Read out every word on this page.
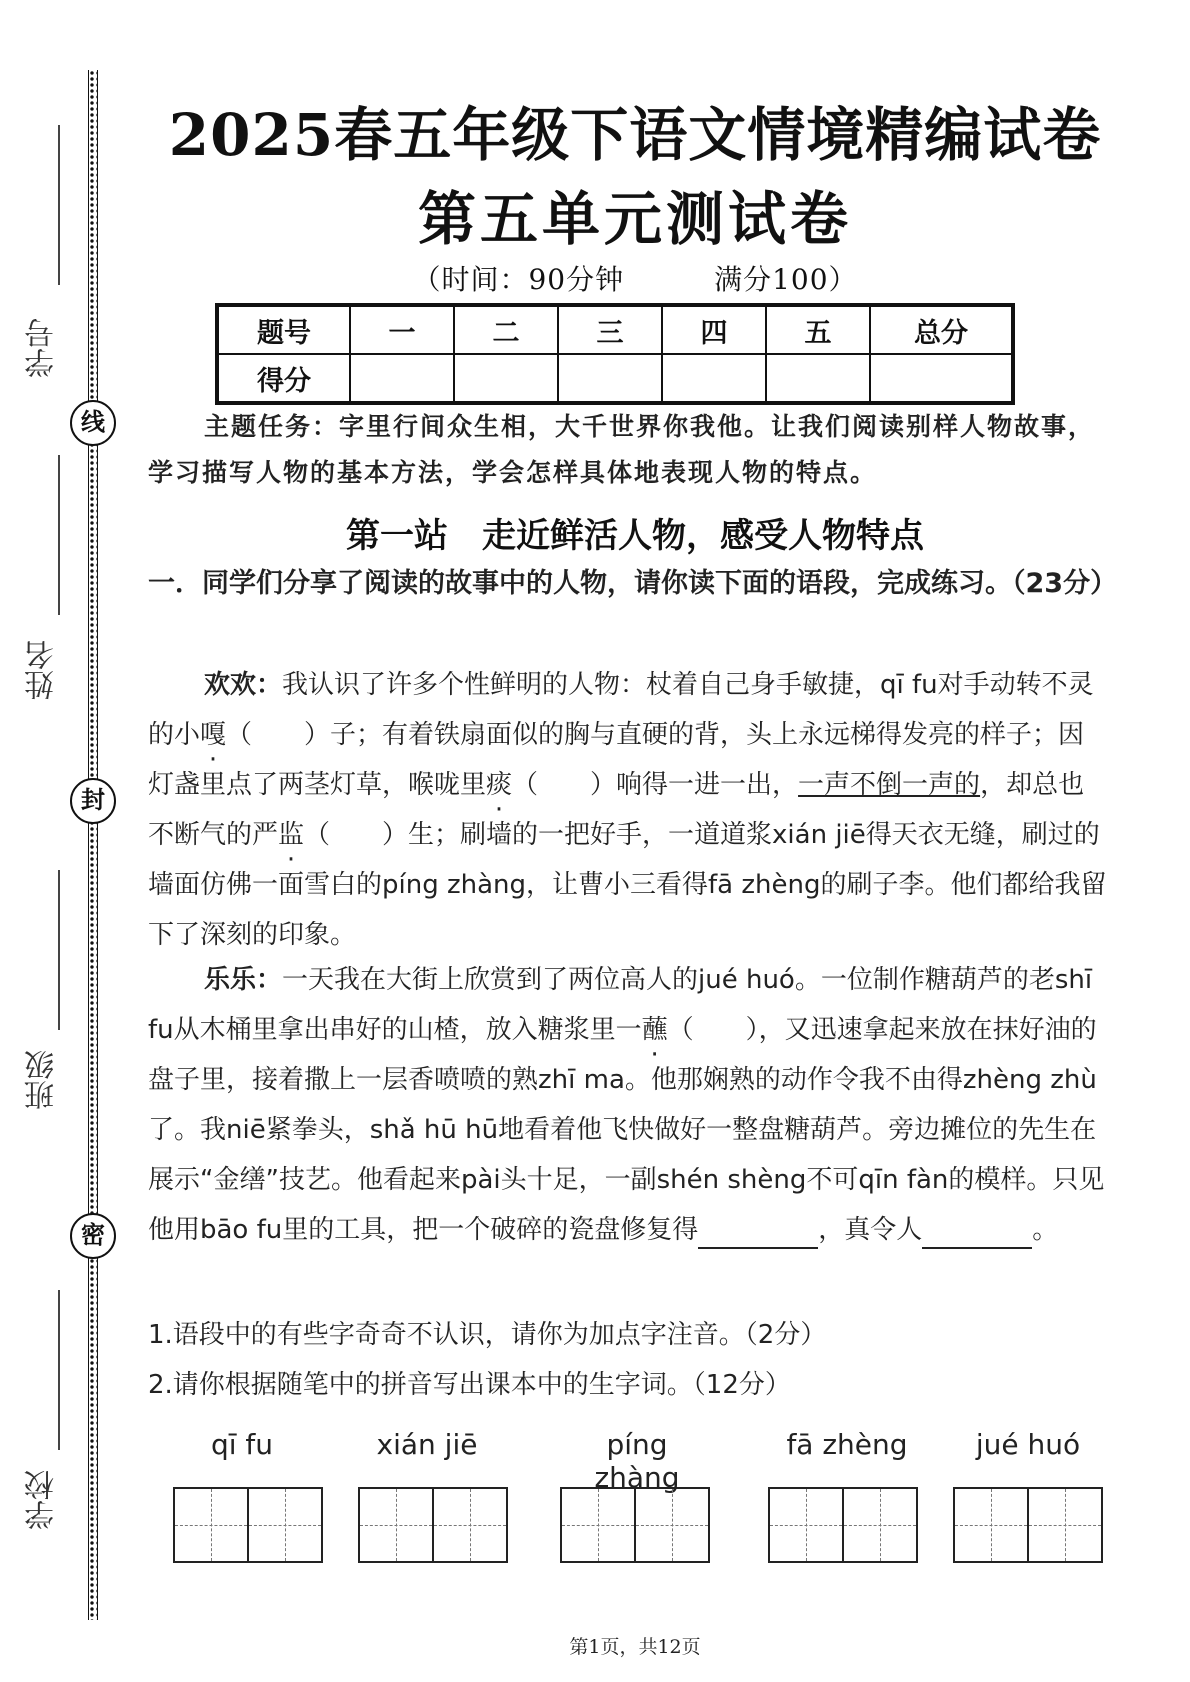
学号
姓名
班级
学校
线
封
密
2025春五年级下语文情境精编试卷
第五单元测试卷
（时间：90分钟	满分100）
题号	一	二	三	四	五	总分
得分						
主题任务：字里行间众生相，大千世界你我他。让我们阅读别样人物故事，学习描写人物的基本方法，学会怎样具体地表现人物的特点。
第一站　走近鲜活人物，感受人物特点
一．同学们分享了阅读的故事中的人物，请你读下面的语段，完成练习。（23分）
欢欢：我认识了许多个性鲜明的人物：杖着自己身手敏捷，qī fu对手动转不灵的小嘎（　　）子；有着铁扇面似的胸与直硬的背，头上永远梯得发亮的样子；因灯盏里点了两茎灯草，喉咙里痰（　　）响得一进一出，一声不倒一声的，却总也不断气的严监（　　）生；刷墙的一把好手，一道道浆xián jiē得天衣无缝，刷过的墙面仿佛一面雪白的píng zhàng，让曹小三看得fā zhèng的刷子李。他们都给我留下了深刻的印象。
乐乐：一天我在大街上欣赏到了两位高人的jué huó。一位制作糖葫芦的老shī fu从木桶里拿出串好的山楂，放入糖浆里一蘸（　　），又迅速拿起来放在抹好油的盘子里，接着撒上一层香喷喷的熟zhī ma。他那娴熟的动作令我不由得zhèng zhù了。我niē紧拳头，shǎ hū hū地看着他飞快做好一整盘糖葫芦。旁边摊位的先生在展示“金缮”技艺。他看起来pài头十足，一副shén shèng不可qīn fàn的模样。只见他用bāo fu里的工具，把一个破碎的瓷盘修复得	，真令人	。
1.语段中的有些字奇奇不认识，请你为加点字注音。（2分）
2.请你根据随笔中的拼音写出课本中的生字词。（12分）
qī fu	xián jiē	píng zhàng
fā zhèng	jué huó
第1页，共12页
